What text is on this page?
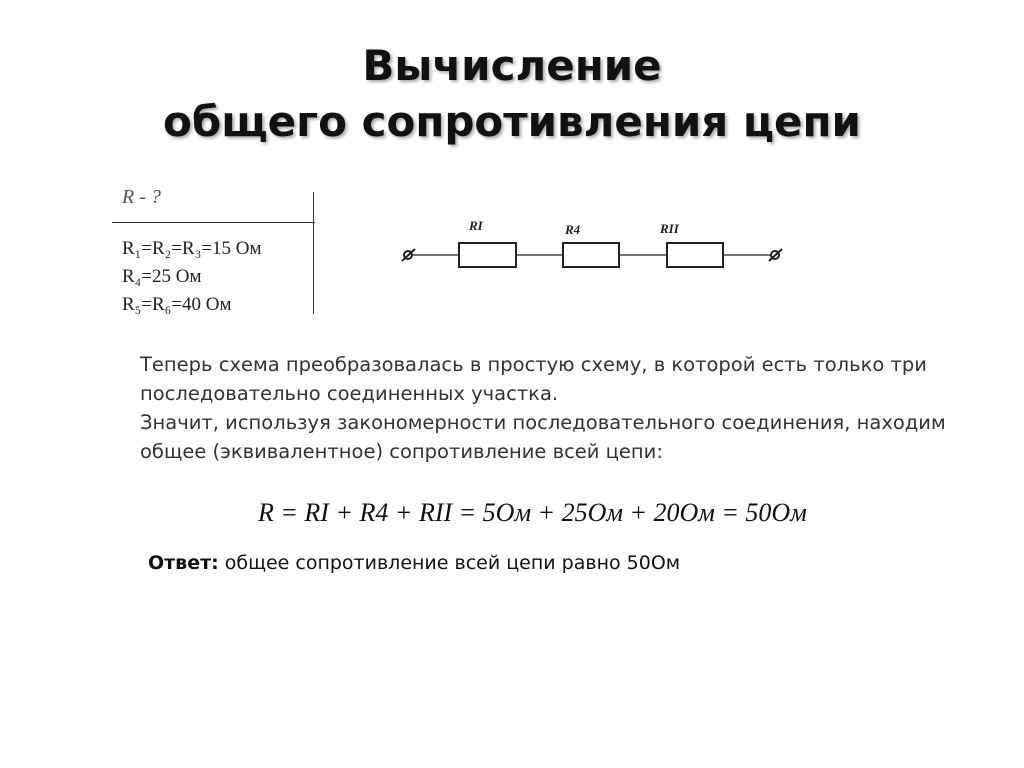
Вычисление
общего сопротивления цепи
R - ?
R₁=R₂=R₃=15 Ом
R₄=25 Ом
R₅=R₆=40 Ом
RI	R4	RII

Теперь схема преобразовалась в простую схему, в которой есть только три последовательно соединенных участка.

Значит, используя закономерности последовательного соединения, находим общее (эквивалентное) сопротивление всей цепи:

R = RI + R4 + RII = 5Ом + 25Ом + 20Ом = 50Ом
Ответ: общее сопротивление всей цепи равно 50Ом
